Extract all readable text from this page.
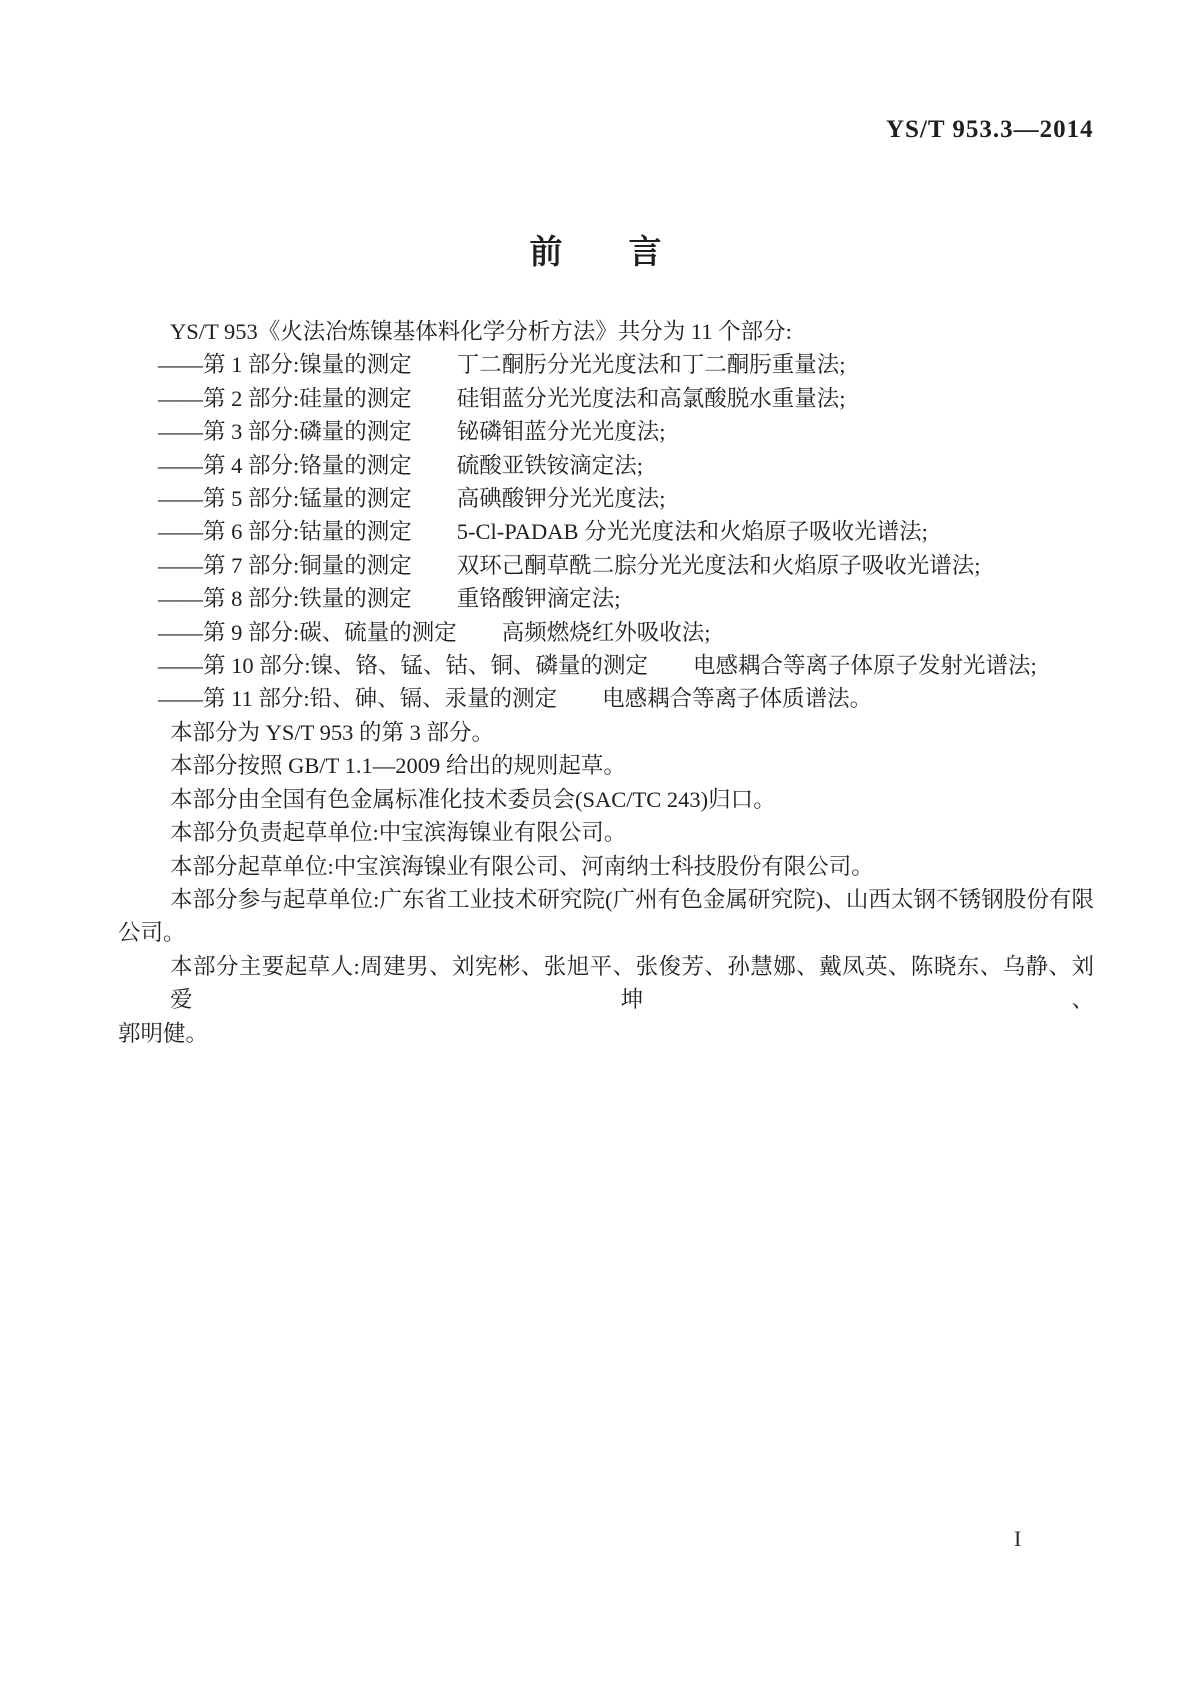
YS/T 953.3—2014
前　　言
YS/T 953《火法冶炼镍基体料化学分析方法》共分为 11 个部分:
——第 1 部分:镍量的测定　　丁二酮肟分光光度法和丁二酮肟重量法;
——第 2 部分:硅量的测定　　硅钼蓝分光光度法和高氯酸脱水重量法;
——第 3 部分:磷量的测定　　铋磷钼蓝分光光度法;
——第 4 部分:铬量的测定　　硫酸亚铁铵滴定法;
——第 5 部分:锰量的测定　　高碘酸钾分光光度法;
——第 6 部分:钴量的测定　　5-Cl-PADAB 分光光度法和火焰原子吸收光谱法;
——第 7 部分:铜量的测定　　双环己酮草酰二腙分光光度法和火焰原子吸收光谱法;
——第 8 部分:铁量的测定　　重铬酸钾滴定法;
——第 9 部分:碳、硫量的测定　　高频燃烧红外吸收法;
——第 10 部分:镍、铬、锰、钴、铜、磷量的测定　　电感耦合等离子体原子发射光谱法;
——第 11 部分:铅、砷、镉、汞量的测定　　电感耦合等离子体质谱法。
本部分为 YS/T 953 的第 3 部分。
本部分按照 GB/T 1.1—2009 给出的规则起草。
本部分由全国有色金属标准化技术委员会(SAC/TC 243)归口。
本部分负责起草单位:中宝滨海镍业有限公司。
本部分起草单位:中宝滨海镍业有限公司、河南纳士科技股份有限公司。
本部分参与起草单位:广东省工业技术研究院(广州有色金属研究院)、山西太钢不锈钢股份有限
公司。
本部分主要起草人:周建男、刘宪彬、张旭平、张俊芳、孙慧娜、戴凤英、陈晓东、乌静、刘爱坤、
郭明健。
I
